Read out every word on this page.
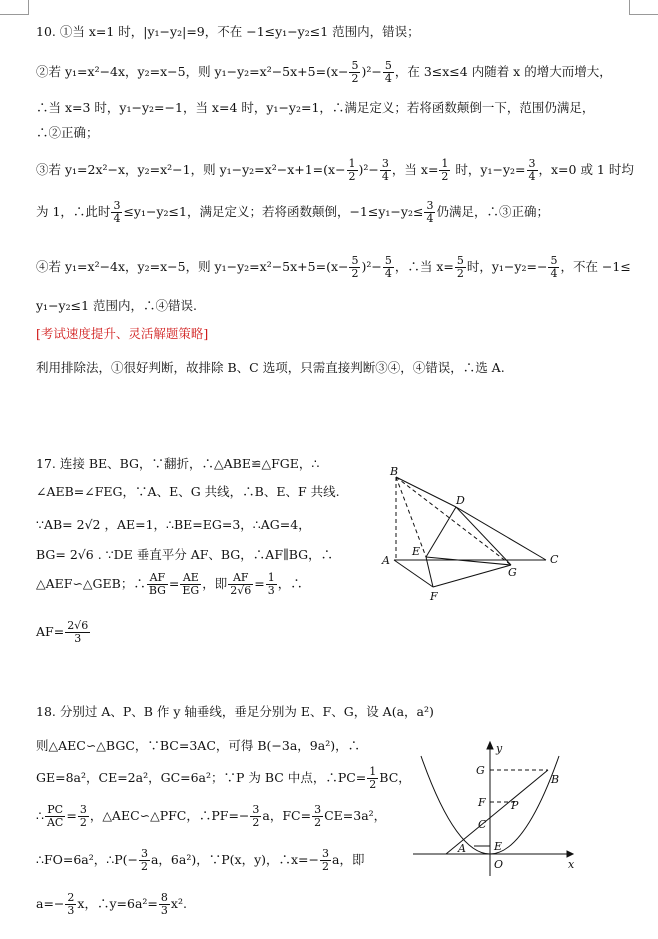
10. ①当 x=1 时，|y₁−y₂|=9，不在 −1≤y₁−y₂≤1 范围内，错误；
②若 y₁=x²−4x，y₂=x−5，则 $y_1-y_2=x^2-5x+5=(x- \frac{5}{2} )^2- \frac{5}{4}$ ，在 3≤x≤4 内随着 x 的增大而增大，
∴当 x=3 时，y₁−y₂=−1，当 x=4 时，y₁−y₂=1，∴满足定义；若将函数颠倒一下，范围仍满足，
∴②正确；
③若 y₁=2x²−x，y₂=x²−1，则 $y_1-y_2=x^2-x+1=(x- \frac{1}{2} )^2- \frac{3}{4}$ ，当 $x= \frac{1}{2}$ 时，$y_1-y_2= \frac{3}{4}$ ，x=0 或 1 时均
为 1，∴此时 $\frac{3}{4} \le y_1-y_2\le 1$，满足定义；若将函数颠倒，$-1\le y_1-y_2\le \frac{3}{4}$ 仍满足，∴③正确；
④若 y₁=x²−4x，y₂=x−5，则 $y_1-y_2=x^2-5x+5=(x- \frac{5}{2} )^2- \frac{5}{4}$ ，∴当 $x= \frac{5}{2}$ 时，$y_1-y_2=- \frac{5}{4}$ ，不在 −1≤
y₁−y₂≤1 范围内，∴④错误.
[考试速度提升、灵活解题策略]
利用排除法，①很好判断，故排除 B、C 选项，只需直接判断③④，④错误，∴选 A.
17. 连接 BE、BG，∵翻折，∴△ABE≌△FGE，∴
∠AEB=∠FEG，∵A、E、G 共线，∴B、E、F 共线.
∵AB= 2√2 ，AE=1，∴BE=EG=3，∴AG=4，
BG= 2√6 . ∵DE 垂直平分 AF、BG，∴AF∥BG，∴
△AEF∽△GEB；∴ $\frac{AF}{BG} = \frac{AE}{EG}$ ，即 $\frac{AF}{2√6} = \frac{1}{3}$ ，∴
$AF= \frac{2√6}{3}$
B
D
A
E
G
C
F
18. 分别过 A、P、B 作 y 轴垂线，垂足分别为 E、F、G，设 A(a，a²)
则△AEC∽△BGC，∵BC=3AC，可得 B(−3a，9a²)，∴
GE=8a²，CE=2a²，GC=6a²；∵P 为 BC 中点，∴PC= $\frac{1}{2}$ BC，
∴ $\frac{PC}{AC} = \frac{3}{2}$ ，△AEC∽△PFC，∴PF=− $\frac{3}{2}$ a，$FC= \frac{3}{2} CE=3a^2$，
∴FO=6a²，∴P(− $\frac{3}{2}$ a，6a²)，∵P(x，y)，∴x=− $\frac{3}{2}$ a，即
$a=- \frac{2}{3}$ x，∴y=6a²= $\frac{8}{3} x^2$.
y
G
B
F P
C
A	E
O	x
